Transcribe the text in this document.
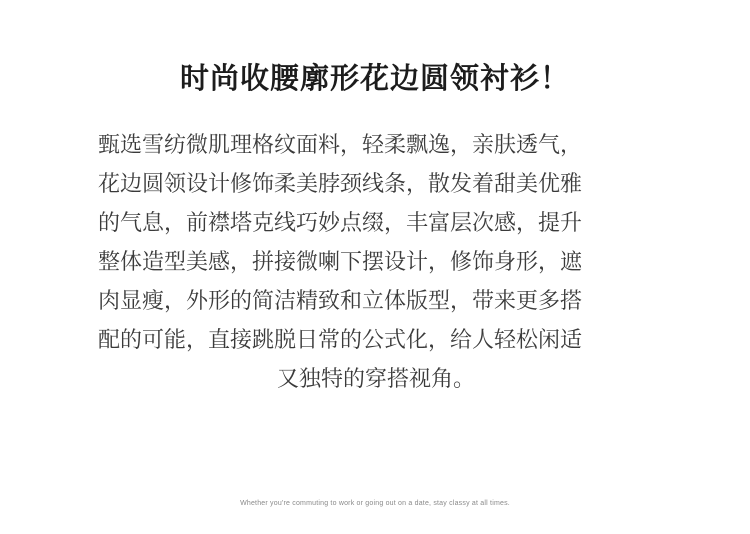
时尚收腰廓形花边圆领衬衫！
甄选雪纺微肌理格纹面料，轻柔飘逸，亲肤透气，
花边圆领设计修饰柔美脖颈线条，散发着甜美优雅
的气息，前襟塔克线巧妙点缀，丰富层次感，提升
整体造型美感，拼接微喇下摆设计，修饰身形，遮
肉显瘦，外形的简洁精致和立体版型，带来更多搭
配的可能，直接跳脱日常的公式化，给人轻松闲适
又独特的穿搭视角。
Whether you're commuting to work or going out on a date, stay classy at all times.
